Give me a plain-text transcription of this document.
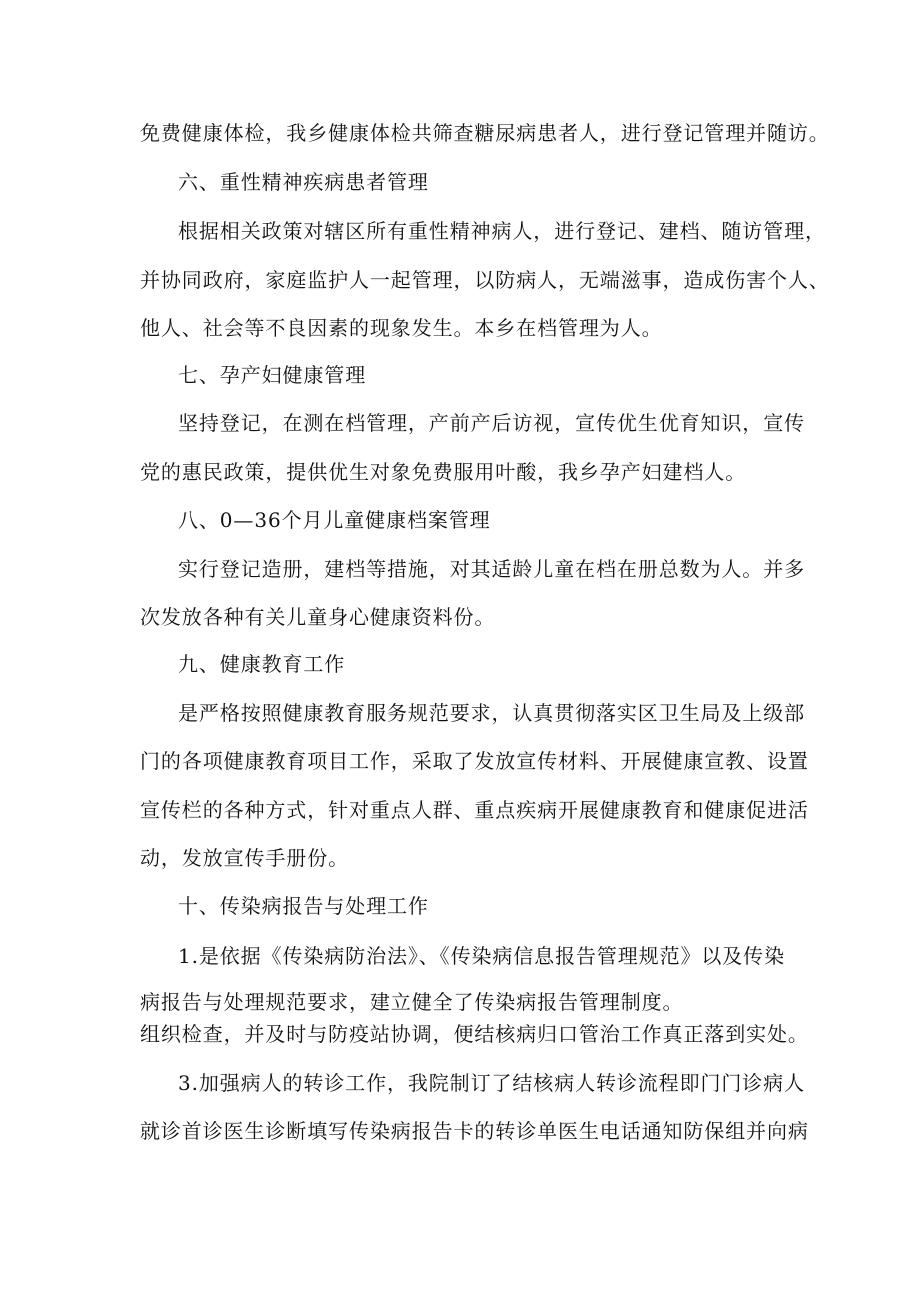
免费健康体检，我乡健康体检共筛查糖尿病患者人，进行登记管理并随访。
六、重性精神疾病患者管理
根据相关政策对辖区所有重性精神病人，进行登记、建档、随访管理，
并协同政府，家庭监护人一起管理，以防病人，无端滋事，造成伤害个人、
他人、社会等不良因素的现象发生。本乡在档管理为人。
七、孕产妇健康管理
坚持登记，在测在档管理，产前产后访视，宣传优生优育知识，宣传
党的惠民政策，提供优生对象免费服用叶酸，我乡孕产妇建档人。
八、0—36个月儿童健康档案管理
实行登记造册，建档等措施，对其适龄儿童在档在册总数为人。并多
次发放各种有关儿童身心健康资料份。
九、健康教育工作
是严格按照健康教育服务规范要求，认真贯彻落实区卫生局及上级部
门的各项健康教育项目工作，采取了发放宣传材料、开展健康宣教、设置
宣传栏的各种方式，针对重点人群、重点疾病开展健康教育和健康促进活
动，发放宣传手册份。
十、传染病报告与处理工作
1.是依据《传染病防治法》、《传染病信息报告管理规范》以及传染
病报告与处理规范要求，建立健全了传染病报告管理制度。
组织检查，并及时与防疫站协调，便结核病归口管治工作真正落到实处。
3.加强病人的转诊工作，我院制订了结核病人转诊流程即门门诊病人
就诊首诊医生诊断填写传染病报告卡的转诊单医生电话通知防保组并向病
